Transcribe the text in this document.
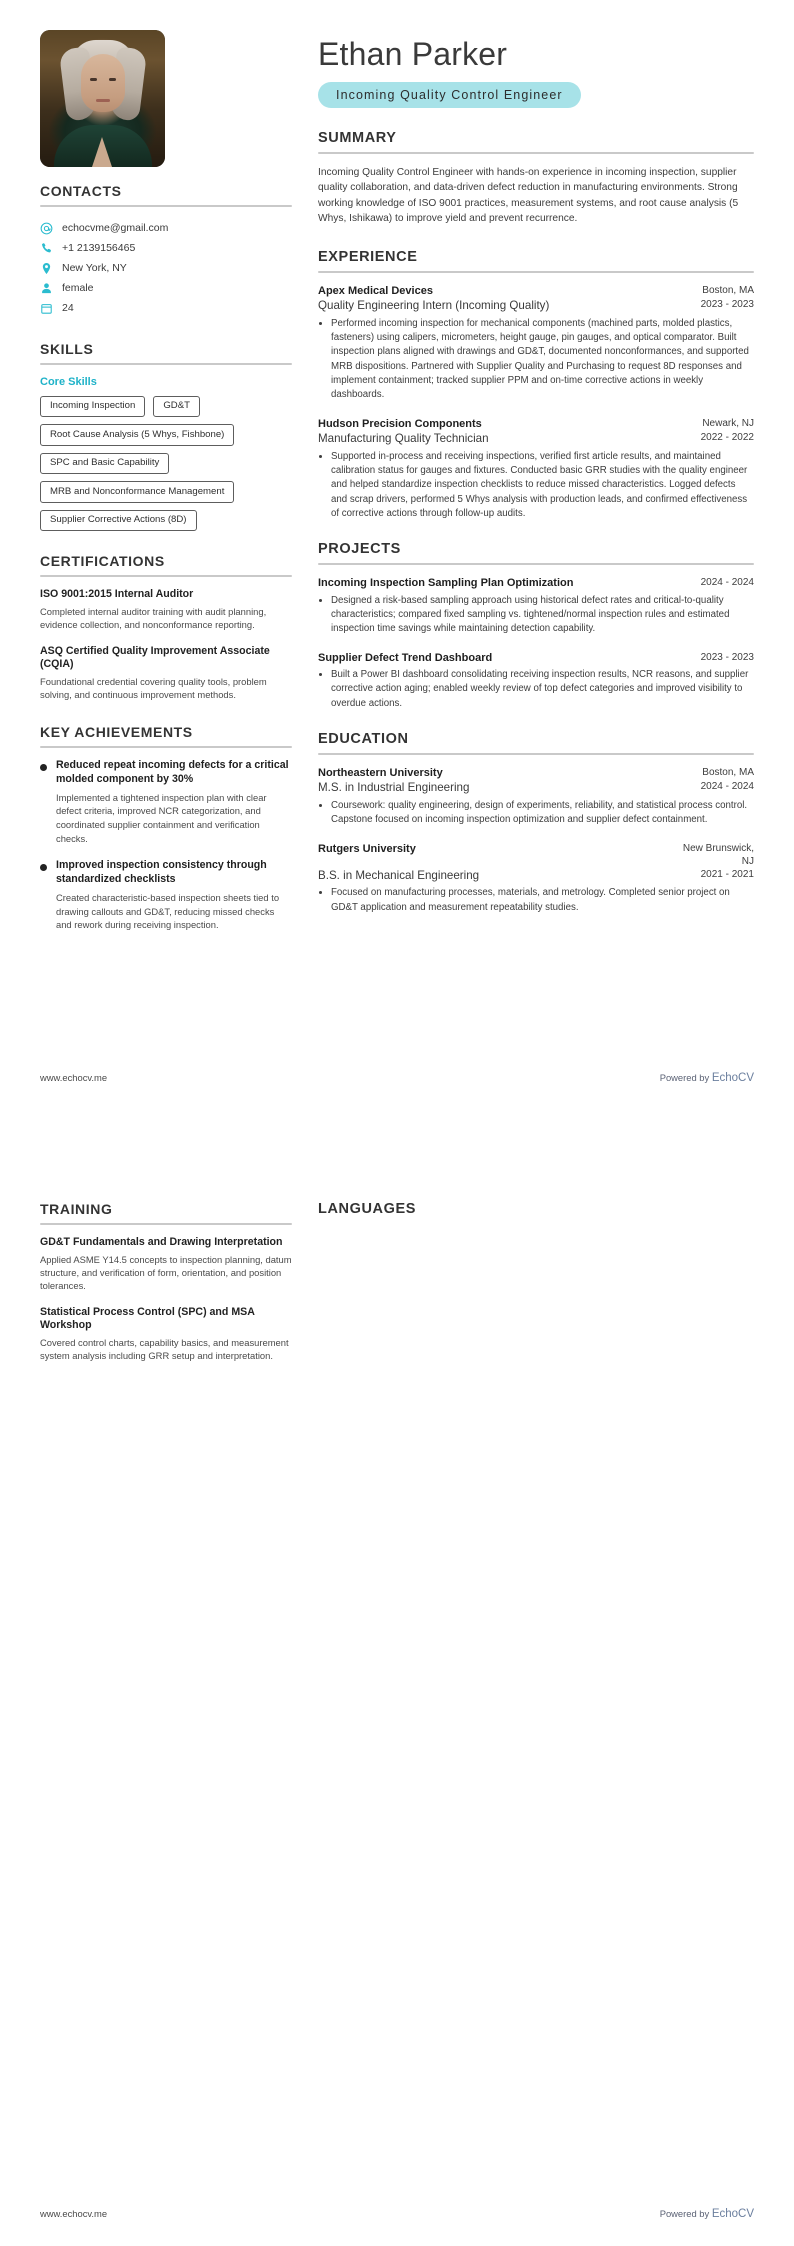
CONTACTS
echocvme@gmail.com
+1 2139156465
New York, NY
female
24
SKILLS
Core Skills
Incoming Inspection	GD&T
Root Cause Analysis (5 Whys, Fishbone)
SPC and Basic Capability
MRB and Nonconformance Management
Supplier Corrective Actions (8D)
CERTIFICATIONS
ISO 9001:2015 Internal Auditor
Completed internal auditor training with audit planning, evidence collection, and nonconformance reporting.
ASQ Certified Quality Improvement Associate (CQIA)
Foundational credential covering quality tools, problem solving, and continuous improvement methods.
KEY ACHIEVEMENTS
Reduced repeat incoming defects for a critical molded component by 30%
Implemented a tightened inspection plan with clear defect criteria, improved NCR categorization, and coordinated supplier containment and verification checks.
Improved inspection consistency through standardized checklists
Created characteristic-based inspection sheets tied to drawing callouts and GD&T, reducing missed checks and rework during receiving inspection.
Ethan Parker
Incoming Quality Control Engineer
SUMMARY
Incoming Quality Control Engineer with hands-on experience in incoming inspection, supplier quality collaboration, and data-driven defect reduction in manufacturing environments. Strong working knowledge of ISO 9001 practices, measurement systems, and root cause analysis (5 Whys, Ishikawa) to improve yield and prevent recurrence.
EXPERIENCE
Apex Medical Devices	Boston, MA
Quality Engineering Intern (Incoming Quality)	2023 - 2023
• Performed incoming inspection for mechanical components (machined parts, molded plastics, fasteners) using calipers, micrometers, height gauge, pin gauges, and optical comparator. Built inspection plans aligned with drawings and GD&T, documented nonconformances, and supported MRB dispositions. Partnered with Supplier Quality and Purchasing to request 8D responses and implement containment; tracked supplier PPM and on-time corrective actions in weekly dashboards.
Hudson Precision Components	Newark, NJ
Manufacturing Quality Technician	2022 - 2022
• Supported in-process and receiving inspections, verified first article results, and maintained calibration status for gauges and fixtures. Conducted basic GRR studies with the quality engineer and helped standardize inspection checklists to reduce missed characteristics. Logged defects and scrap drivers, performed 5 Whys analysis with production leads, and confirmed effectiveness of corrective actions through follow-up audits.
PROJECTS
Incoming Inspection Sampling Plan Optimization	2024 - 2024
• Designed a risk-based sampling approach using historical defect rates and critical-to-quality characteristics; compared fixed sampling vs. tightened/normal inspection rules and estimated inspection time savings while maintaining detection capability.
Supplier Defect Trend Dashboard	2023 - 2023
• Built a Power BI dashboard consolidating receiving inspection results, NCR reasons, and supplier corrective action aging; enabled weekly review of top defect categories and improved visibility to overdue actions.
EDUCATION
Northeastern University	Boston, MA
M.S. in Industrial Engineering	2024 - 2024
• Coursework: quality engineering, design of experiments, reliability, and statistical process control. Capstone focused on incoming inspection optimization and supplier defect containment.
Rutgers University	New Brunswick, NJ
B.S. in Mechanical Engineering	2021 - 2021
• Focused on manufacturing processes, materials, and metrology. Completed senior project on GD&T application and measurement repeatability studies.
www.echocv.me	Powered by EchoCV
TRAINING
GD&T Fundamentals and Drawing Interpretation
Applied ASME Y14.5 concepts to inspection planning, datum structure, and verification of form, orientation, and position tolerances.
Statistical Process Control (SPC) and MSA Workshop
Covered control charts, capability basics, and measurement system analysis including GRR setup and interpretation.
LANGUAGES
www.echocv.me	Powered by EchoCV
